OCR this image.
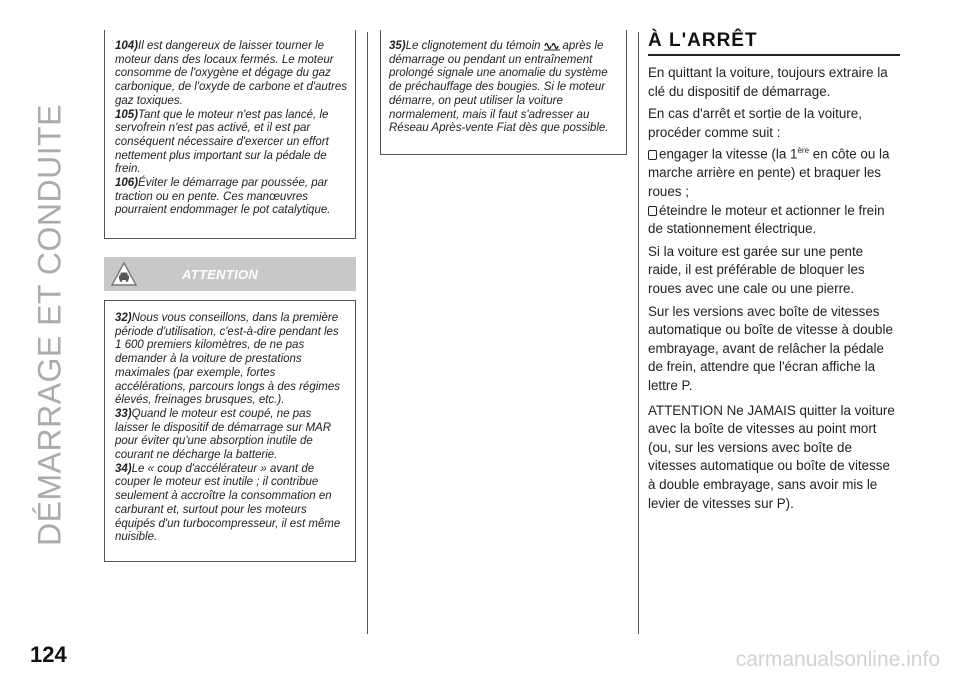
DÉMARRAGE ET CONDUITE

104)Il est dangereux de laisser tourner le moteur dans des locaux fermés. Le moteur consomme de l'oxygène et dégage du gaz carbonique, de l'oxyde de carbone et d'autres gaz toxiques.

105)Tant que le moteur n'est pas lancé, le servofrein n'est pas activé, et il est par conséquent nécessaire d'exercer un effort nettement plus important sur la pédale de frein.

106)Éviter le démarrage par poussée, par traction ou en pente. Ces manœuvres pourraient endommager le pot catalytique.

ATTENTION

32)Nous vous conseillons, dans la première période d'utilisation, c'est-à-dire pendant les 1 600 premiers kilomètres, de ne pas demander à la voiture de prestations maximales (par exemple, fortes accélérations, parcours longs à des régimes élevés, freinages brusques, etc.).

33)Quand le moteur est coupé, ne pas laisser le dispositif de démarrage sur MAR pour éviter qu'une absorption inutile de courant ne décharge la batterie.

34)Le « coup d'accélérateur » avant de couper le moteur est inutile ; il contribue seulement à accroître la consommation en carburant et, surtout pour les moteurs équipés d'un turbocompresseur, il est même nuisible.

35)Le clignotement du témoin après le démarrage ou pendant un entraînement prolongé signale une anomalie du système de préchauffage des bougies. Si le moteur démarre, on peut utiliser la voiture normalement, mais il faut s'adresser au Réseau Après-vente Fiat dès que possible.

À L'ARRÊT

En quittant la voiture, toujours extraire la clé du dispositif de démarrage.

En cas d'arrêt et sortie de la voiture, procéder comme suit :
engager la vitesse (la 1ère en côte ou la marche arrière en pente) et braquer les roues ;
éteindre le moteur et actionner le frein de stationnement électrique.

Si la voiture est garée sur une pente raide, il est préférable de bloquer les roues avec une cale ou une pierre.

Sur les versions avec boîte de vitesses automatique ou boîte de vitesse à double embrayage, avant de relâcher la pédale de frein, attendre que l'écran affiche la lettre P.

ATTENTION Ne JAMAIS quitter la voiture avec la boîte de vitesses au point mort (ou, sur les versions avec boîte de vitesses automatique ou boîte de vitesse à double embrayage, sans avoir mis le levier de vitesses sur P).

124	carmanualsonline.info
